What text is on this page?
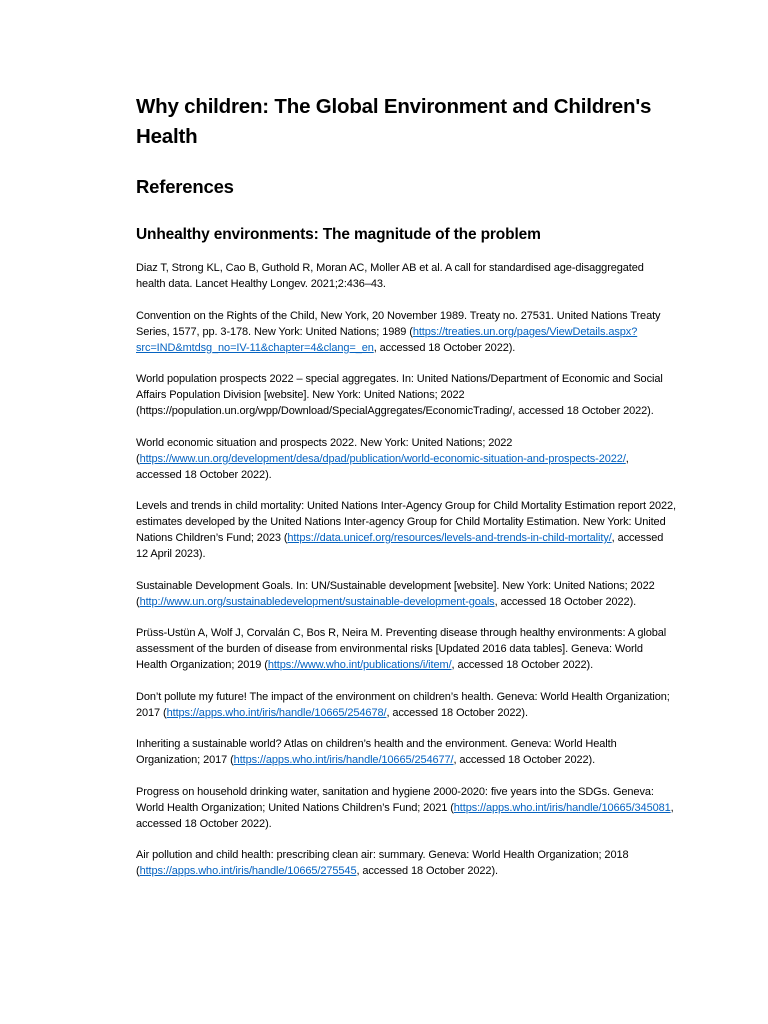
Why children: The Global Environment and Children's Health
References
Unhealthy environments: The magnitude of the problem

Diaz T, Strong KL, Cao B, Guthold R, Moran AC, Moller AB et al. A call for standardised age-disaggregated health data. Lancet Healthy Longev. 2021;2:436–43.

Convention on the Rights of the Child, New York, 20 November 1989. Treaty no. 27531. United Nations Treaty Series, 1577, pp. 3-178. New York: United Nations; 1989 (https://treaties.un.org/pages/ViewDetails.aspx?src=IND&mtdsg_no=IV-11&chapter=4&clang=_en, accessed 18 October 2022).

World population prospects 2022 – special aggregates. In: United Nations/Department of Economic and Social Affairs Population Division [website]. New York: United Nations; 2022 (https://population.un.org/wpp/Download/SpecialAggregates/EconomicTrading/, accessed 18 October 2022).

World economic situation and prospects 2022. New York: United Nations; 2022 (https://www.un.org/development/desa/dpad/publication/world-economic-situation-and-prospects-2022/, accessed 18 October 2022).

Levels and trends in child mortality: United Nations Inter-Agency Group for Child Mortality Estimation report 2022, estimates developed by the United Nations Inter-agency Group for Child Mortality Estimation. New York: United Nations Children’s Fund; 2023 (https://data.unicef.org/resources/levels-and-trends-in-child-mortality/, accessed 12 April 2023).

Sustainable Development Goals. In: UN/Sustainable development [website]. New York: United Nations; 2022 (http://www.un.org/sustainabledevelopment/sustainable-development-goals, accessed 18 October 2022).

Prüss-Ustün A, Wolf J, Corvalán C, Bos R, Neira M. Preventing disease through healthy environments: A global assessment of the burden of disease from environmental risks [Updated 2016 data tables]. Geneva: World Health Organization; 2019 (https://www.who.int/publications/i/item/, accessed 18 October 2022).

Don’t pollute my future! The impact of the environment on children’s health. Geneva: World Health Organization; 2017 (https://apps.who.int/iris/handle/10665/254678/, accessed 18 October 2022).

Inheriting a sustainable world? Atlas on children’s health and the environment. Geneva: World Health Organization; 2017 (https://apps.who.int/iris/handle/10665/254677/, accessed 18 October 2022).

Progress on household drinking water, sanitation and hygiene 2000-2020: five years into the SDGs. Geneva: World Health Organization; United Nations Children’s Fund; 2021 (https://apps.who.int/iris/handle/10665/345081, accessed 18 October 2022).

Air pollution and child health: prescribing clean air: summary. Geneva: World Health Organization; 2018 (https://apps.who.int/iris/handle/10665/275545, accessed 18 October 2022).
